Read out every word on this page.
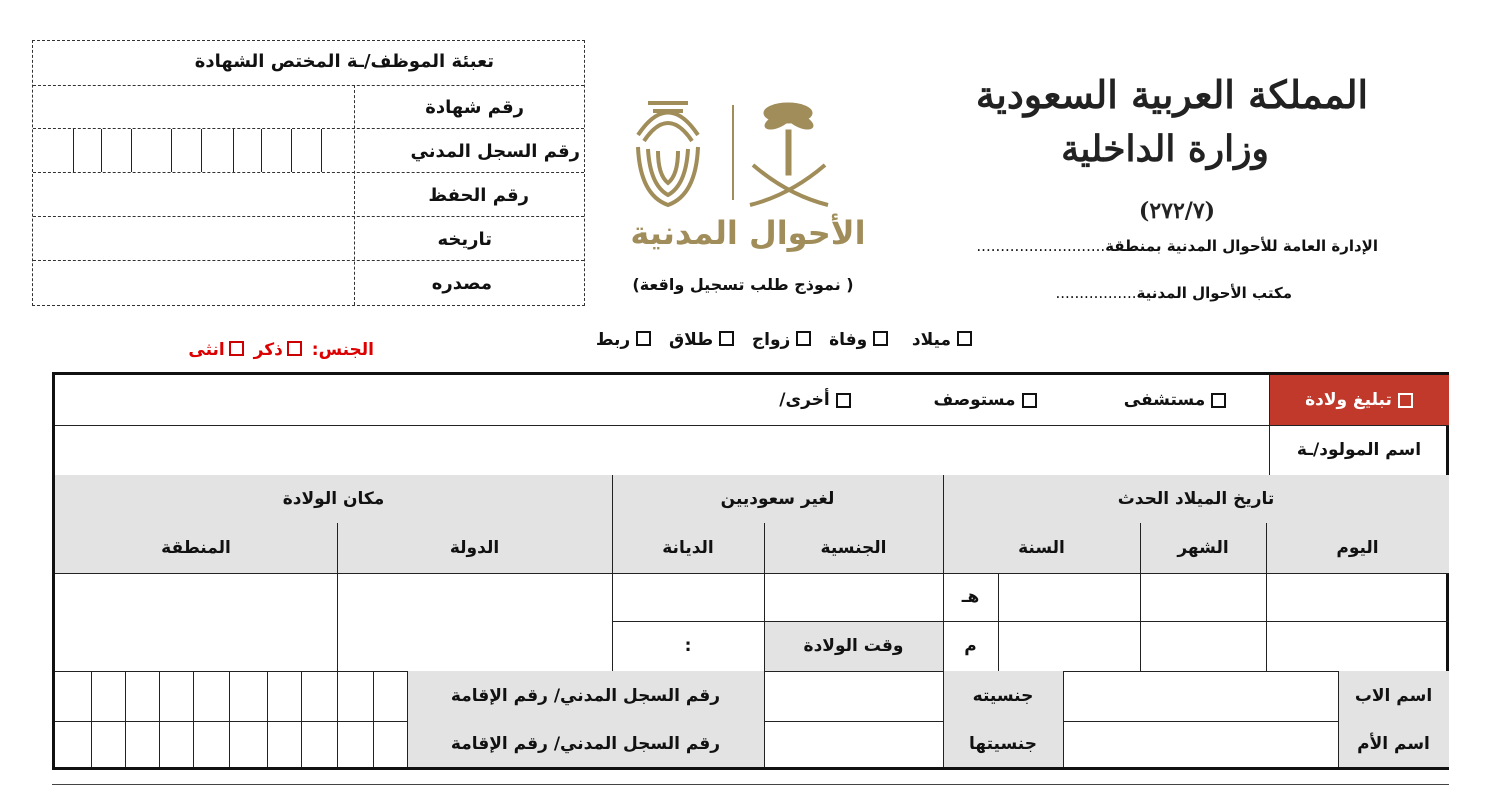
المملكة العربية السعودية
وزارة الداخلية
(٢٧٢/٧)
الإدارة العامة للأحوال المدنية بمنطقة...........................
مكتب الأحوال المدنية.................
الأحوال المدنية
( نموذج طلب تسجيل واقعة)
تعبئة الموظف/ـة المختص الشهادة
رقم شهادة
رقم السجل المدني
رقم الحفظ
تاريخه
مصدره
ميلاد    وفاة   زواج   طلاق   ربط
الجنس: ذكر انثى
تبليغ ولادة
مستشفى
مستوصف
أخرى/
اسم المولود/ـة
تاريخ الميلاد الحدث
لغير سعوديين
مكان الولادة
اليوم
الشهر
السنة
الجنسية
الديانة
الدولة
المنطقة
هـ
م
وقت الولادة
:
اسم الاب
جنسيته
رقم السجل المدني/ رقم الإقامة
اسم الأم
جنسيتها
رقم السجل المدني/ رقم الإقامة
